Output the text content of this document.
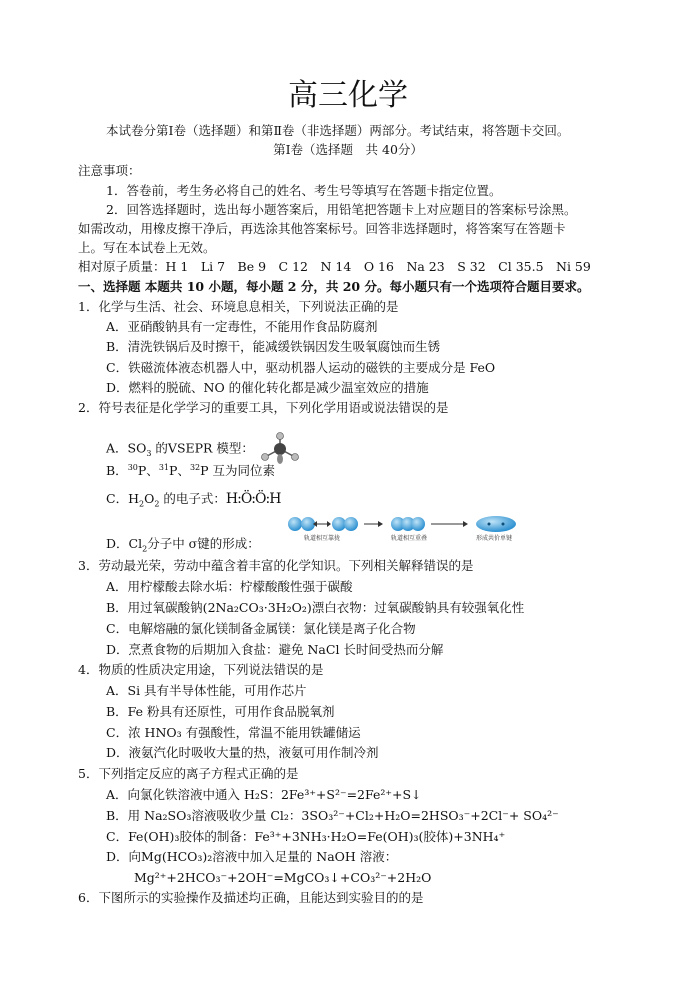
高三化学
本试卷分第Ⅰ卷（选择题）和第Ⅱ卷（非选择题）两部分。考试结束，将答题卡交回。
第Ⅰ卷（选择题　共 40分）
注意事项：
1．答卷前，考生务必将自己的姓名、考生号等填写在答题卡指定位置。
2．回答选择题时，选出每小题答案后，用铅笔把答题卡上对应题目的答案标号涂黑。
如需改动，用橡皮擦干净后，再选涂其他答案标号。回答非选择题时，将答案写在答题卡
上。写在本试卷上无效。
相对原子质量：H 1　Li 7　Be 9　C 12　N 14　O 16　Na 23　S 32　Cl 35.5　Ni 59
一、选择题 本题共 10 小题，每小题 2 分，共 20 分。每小题只有一个选项符合题目要求。
1．化学与生活、社会、环境息息相关，下列说法正确的是
A．亚硝酸钠具有一定毒性，不能用作食品防腐剂
B．清洗铁锅后及时擦干，能减缓铁锅因发生吸氧腐蚀而生锈
C．铁磁流体液态机器人中，驱动机器人运动的磁铁的主要成分是 FeO
D．燃料的脱硫、NO 的催化转化都是减少温室效应的措施
2．符号表征是化学学习的重要工具，下列化学用语或说法错误的是
A．$SO_3$ 的VSEPR 模型：
B．$^{30}$P、$^{31}$P、$^{32}$P 互为同位素
C．$H_2O_2$ 的电子式：H:Ö:Ö:H
D．$Cl_2$分子中 σ键的形成：	轨道相互靠拢	轨道相互重叠	形成共价单键
3．劳动最光荣，劳动中蕴含着丰富的化学知识。下列相关解释错误的是
A．用柠檬酸去除水垢：柠檬酸酸性强于碳酸
B．用过氧碳酸钠(2Na₂CO₃·3H₂O₂)漂白衣物：过氧碳酸钠具有较强氧化性
C．电解熔融的氯化镁制备金属镁：氯化镁是离子化合物
D．烹煮食物的后期加入食盐：避免 NaCl 长时间受热而分解
4．物质的性质决定用途，下列说法错误的是
A．Si 具有半导体性能，可用作芯片
B．Fe 粉具有还原性，可用作食品脱氧剂
C．浓 HNO₃ 有强酸性，常温不能用铁罐储运
D．液氨汽化时吸收大量的热，液氨可用作制冷剂
5．下列指定反应的离子方程式正确的是
A．向氯化铁溶液中通入 H₂S：2Fe³⁺+S²⁻=2Fe²⁺+S↓
B．用 Na₂SO₃溶液吸收少量 Cl₂：3SO₃²⁻+Cl₂+H₂O=2HSO₃⁻+2Cl⁻+ SO₄²⁻
C．Fe(OH)₃胶体的制备：Fe³⁺+3NH₃·H₂O=Fe(OH)₃(胶体)+3NH₄⁺
D．向Mg(HCO₃)₂溶液中加入足量的 NaOH 溶液：
Mg²⁺+2HCO₃⁻+2OH⁻=MgCO₃↓+CO₃²⁻+2H₂O
6．下图所示的实验操作及描述均正确，且能达到实验目的的是
